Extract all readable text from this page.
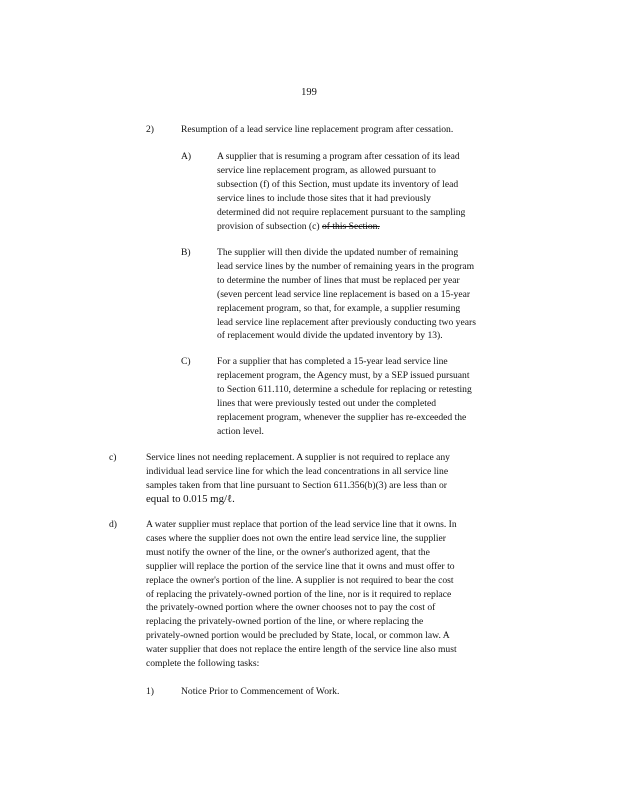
199
2)	Resumption of a lead service line replacement program after cessation.
A)	A supplier that is resuming a program after cessation of its lead
service line replacement program, as allowed pursuant to
subsection (f) of this Section, must update its inventory of lead
service lines to include those sites that it had previously
determined did not require replacement pursuant to the sampling
provision of subsection (c) of this Section.
B)	The supplier will then divide the updated number of remaining
lead service lines by the number of remaining years in the program
to determine the number of lines that must be replaced per year
(seven percent lead service line replacement is based on a 15-year
replacement program, so that, for example, a supplier resuming
lead service line replacement after previously conducting two years
of replacement would divide the updated inventory by 13).
C)	For a supplier that has completed a 15-year lead service line
replacement program, the Agency must, by a SEP issued pursuant
to Section 611.110, determine a schedule for replacing or retesting
lines that were previously tested out under the completed
replacement program, whenever the supplier has re-exceeded the
action level.
c)	Service lines not needing replacement. A supplier is not required to replace any
individual lead service line for which the lead concentrations in all service line
samples taken from that line pursuant to Section 611.356(b)(3) are less than or
equal to 0.015 mg/ℓ.
d)	A water supplier must replace that portion of the lead service line that it owns. In
cases where the supplier does not own the entire lead service line, the supplier
must notify the owner of the line, or the owner's authorized agent, that the
supplier will replace the portion of the service line that it owns and must offer to
replace the owner's portion of the line. A supplier is not required to bear the cost
of replacing the privately-owned portion of the line, nor is it required to replace
the privately-owned portion where the owner chooses not to pay the cost of
replacing the privately-owned portion of the line, or where replacing the
privately-owned portion would be precluded by State, local, or common law. A
water supplier that does not replace the entire length of the service line also must
complete the following tasks:
1)	Notice Prior to Commencement of Work.
